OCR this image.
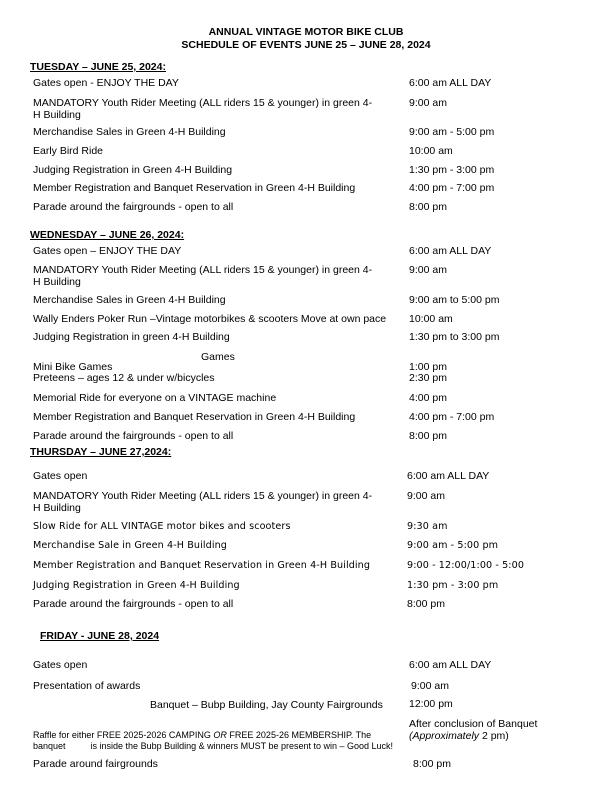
ANNUAL VINTAGE MOTOR BIKE CLUB
SCHEDULE OF EVENTS JUNE 25 – JUNE 28, 2024
TUESDAY – JUNE 25, 2024:
Gates open - ENJOY THE DAY	6:00 am ALL DAY
MANDATORY Youth Rider Meeting (ALL riders 15 & younger) in green 4-H Building
9:00 am
Merchandise Sales in Green 4-H Building	9:00 am - 5:00 pm
Early Bird Ride	10:00 am
Judging Registration in Green 4-H Building	1:30 pm - 3:00 pm
Member Registration and Banquet Reservation in Green 4-H Building	4:00 pm - 7:00 pm
Parade around the fairgrounds - open to all	8:00 pm
WEDNESDAY – JUNE 26, 2024:
Gates open – ENJOY THE DAY	6:00 am ALL DAY
MANDATORY Youth Rider Meeting (ALL riders 15 & younger) in green 4-H Building
9:00 am
Merchandise Sales in Green 4-H Building	9:00 am to 5:00 pm
Wally Enders Poker Run –Vintage motorbikes & scooters Move at own pace	10:00 am
Judging Registration in green 4-H Building	1:30 pm to 3:00 pm
Games
Mini Bike Games	1:00 pm
Preteens – ages 12 & under w/bicycles	2:30 pm
Memorial Ride for everyone on a VINTAGE machine	4:00 pm
Member Registration and Banquet Reservation in Green 4-H Building	4:00 pm - 7:00 pm
Parade around the fairgrounds - open to all	8:00 pm
THURSDAY – JUNE 27,2024:
Gates open	6:00 am ALL DAY
MANDATORY Youth Rider Meeting (ALL riders 15 & younger) in green 4-H Building
9:00 am
Slow Ride for ALL VINTAGE motor bikes and scooters	9:30 am
Merchandise Sale in Green 4-H Building	9:00 am - 5:00 pm
Member Registration and Banquet Reservation in Green 4-H Building	9:00 - 12:00/1:00 - 5:00
Judging Registration in Green 4-H Building	1:30 pm - 3:00 pm
Parade around the fairgrounds - open to all	8:00 pm
FRIDAY - JUNE 28, 2024
Gates open	6:00 am ALL DAY
Presentation of awards	9:00 am
Banquet – Bubp Building, Jay County Fairgrounds 12:00 pm
Raffle for either FREE 2025-2026 CAMPING OR FREE 2025-26 MEMBERSHIP. The
banquet          is inside the Bubp Building & winners MUST be present to win – Good Luck!
After conclusion of Banquet
(Approximately 2 pm)
Parade around fairgrounds	8:00 pm
